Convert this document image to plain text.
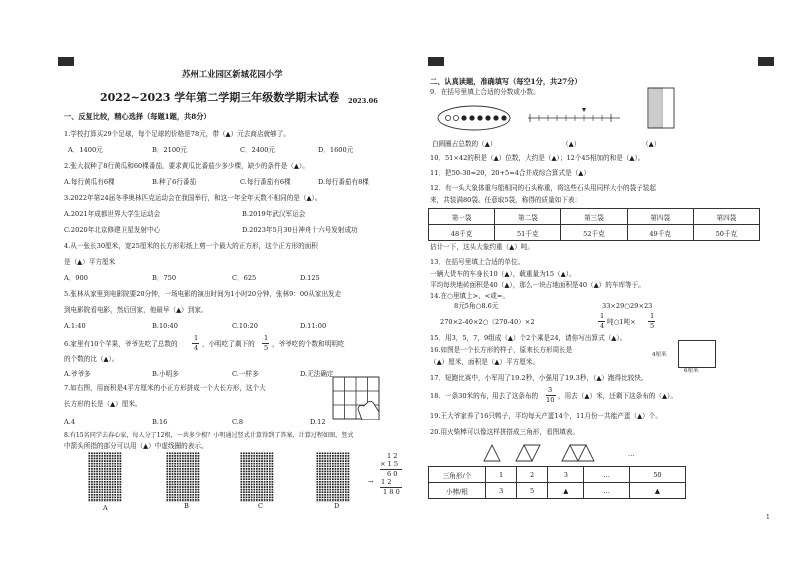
苏州工业园区新城花园小学
2022~2023 学年第二学期三年级数学期末试卷 2023.06
一、反复比较，精心选择（每题1题，共8分）
1.学校打算买29个足球，每个足球的价格是78元，带（▲）元去商店就够了。
A．1400元	B．2100元	C．2400元	D．1600元
2.张大叔种了8行黄瓜和60棵番茄，要求黄瓜比番茄少多少棵，缺少的条件是（▲）。
A.每行黄瓜有6棵	B.种了6行番茄	C.每行番茄有6棵	D.每行番茄有8棵
3.2022年第24届冬季奥林匹克运动会在我国举行，和这一年全年天数不相同的是（▲）。
A.2021年成都世界大学生运动会	B.2019年武汉军运会
C.2020年北京修建卫星发射中心	D.2023年5月30日神舟十六号发射成功
4.从一张长30厘米，宽25厘米的长方形彩纸上剪一个最大的正方形，这个正方形的面积
是（▲）平方厘米
A．900	B．750	C．625	D.125
5.张林从家里到电影院要20分钟，一场电影的演出时间为1小时20分钟，张林9：00从家出发走
到电影院看电影，然后回家，他最早（▲）到家。
A.1:40	B.10:40	C.10:20	D.11:00
6.家里有10个苹果，爷爷先吃了总数的
1
4 ，小明吃了剩下的
1
5 ，爷爷吃的个数和明明吃
的个数的比（▲）。
A.爷爷多	B.小明多	C.一样多	D.无法确定
7.如右图，用面积是4平方厘米的小正方形拼成一个大长方形，这个大
长方形的长是（▲）厘米。
A.4	B.16	C.8	D.12
8.有15名同学去春心家，每人分了12根，一共多少根？小明通过竖式计算得到了答案，计算过程如图，竖式
中箭头所指的部分可以用（▲）中虚线圈的表示。
1 2
× 1 5
6 0
→ 1 2
1 8 0
A	B	C	D
二、认真读题，准确填写（每空1分，共27分）
9．在括号里填上合适的分数或小数。
白圆圈占总数的（▲）	（▲）	（▲）
10．51×42的积是（▲）位数，大约是（▲）；12个45相加的和是（▲）。
11．把50-30=20，20+5=4合并成综合算式是（▲）
12．有一头大象体重与船相同的石头称重，将这些石头用同样大小的袋子装起
来，共装满80袋。任意取5袋，称得的质量如下表：
第一袋	第二袋	第三袋	第四袋	第四袋
48千克	51千克	52千克	49千克	50千克
估计一下，这头大象约重（▲）吨。
13．在括号里填上合适的单位。
一辆大货车的车身长10（▲），载重量为15（▲）。
平均每块地砖面积是40（▲），那么一块占地面积是40（▲）的车库等于。
14.在○里填上>、<或=。
8元5角○8.6元	33×29○29×23
270×2-40×2○（270-40）×2
1
4 吨○1吨×
1
5
15．用3，5，7，9组成（▲）个2个乘是24，请你写出算式（▲）。
16.如图是一个长方形的样子，原来长方形周长是
（▲）厘米，面积是（▲）平方厘米。
4厘米
6厘米
17．短跑比赛中，小军用了19.2秒，小强用了19.3秒，（▲）跑得比较快。
18．一条30米的布， 用去了这条布的
3
10 ，用去（▲）米，还剩下这条布的（▲）。
19.王大爷家养了16只鸭子，平均每天产蛋14个，11月份一共能产蛋（▲）个。
20.用火柴棒可以像这样拼搭成三角形，看图填表。
…
三角形/个	1	2	3	…	50
小棒/根	3	5	▲	…	▲
1
